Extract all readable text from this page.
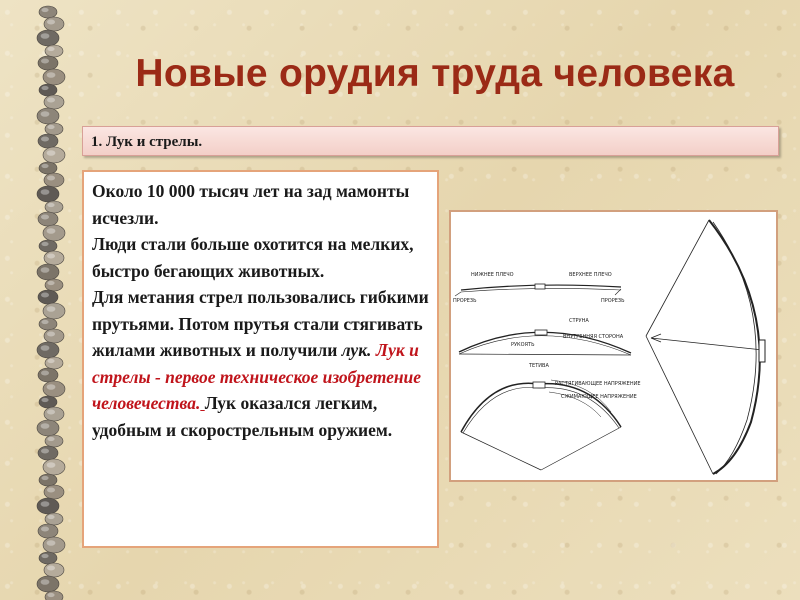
Новые орудия труда человека
1. Лук и стрелы.

Около 10 000 тысяч лет на зад мамонты исчезли.

Люди стали больше охотится на мелких, быстро бегающих животных.

Для метания стрел пользовались гибкими прутьями. Потом прутья стали стягивать жилами животных и получили лук. Лук и стрелы - первое техническое изобретение человечества. Лук оказался легким, удобным и скорострельным оружием.

НИЖНЕЕ ПЛЕЧО	ВЕРХНЕЕ ПЛЕЧО
ПРОРЕЗЬ	ПРОРЕЗЬ
СТРУНА
РУКОЯТЬ
ВНУТРЕННЯЯ СТОРОНА
ТЕТИВА
РАСТЯГИВАЮЩЕЕ НАПРЯЖЕНИЕ
СЖИМАЮЩЕЕ НАПРЯЖЕНИЕ
